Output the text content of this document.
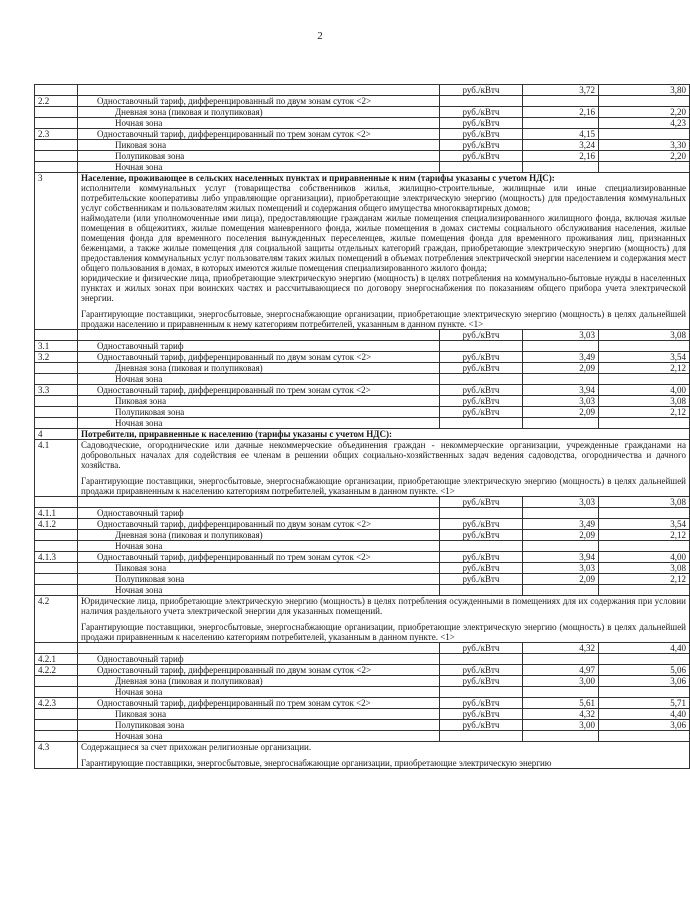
2
		руб./кВтч	3,72	3,80
2.2	Одноставочный тариф, дифференцированный по двум зонам суток <2>			
	Дневная зона (пиковая и полупиковая)	руб./кВтч	2,16	2,20
	Ночная зона	руб./кВтч		4,23
2.3	Одноставочный тариф, дифференцированный по трем зонам суток <2>	руб./кВтч	4,15	
	Пиковая зона	руб./кВтч	3,24	3,30
	Полупиковая зона	руб./кВтч	2,16	2,20
	Ночная зона			
3	Население, проживающее в сельских населенных пунктах и приравненные к ним (тарифы указаны с учетом НДС):
исполнители коммунальных услуг (товарищества собственников жилья, жилищно-строительные, жилищные или иные специализированные потребительские кооперативы либо управляющие организации), приобретающие электрическую энергию (мощность) для предоставления коммунальных услуг собственникам и пользователям жилых помещений и содержания общего имущества многоквартирных домов;
наймодатели (или уполномоченные ими лица), предоставляющие гражданам жилые помещения специализированного жилищного фонда, включая жилые помещения в общежитиях, жилые помещения маневренного фонда, жилые помещения в домах системы социального обслуживания населения, жилые помещения фонда для временного поселения вынужденных переселенцев, жилые помещения фонда для временного проживания лиц, признанных беженцами, а также жилые помещения для социальной защиты отдельных категорий граждан, приобретающие электрическую энергию (мощность) для предоставления коммунальных услуг пользователям таких жилых помещений в объемах потребления электрической энергии населением и содержания мест общего пользования в домах, в которых имеются жилые помещения специализированного жилого фонда;
юридические и физические лица, приобретающие электрическую энергию (мощность) в целях потребления на коммунально-бытовые нужды в населенных пунктах и жилых зонах при воинских частях и рассчитывающиеся по договору энергоснабжения по показаниям общего прибора учета электрической энергии.
Гарантирующие поставщики, энергосбытовые, энергоснабжающие организации, приобретающие электрическую энергию (мощность) в целях дальнейшей продажи населению и приравненным к нему категориям потребителей, указанным в данном пункте. <1>			

		руб./кВтч	3,03	3,08
3.1	Одноставочный тариф			
3.2	Одноставочный тариф, дифференцированный по двум зонам суток <2>	руб./кВтч	3,49	3,54
	Дневная зона (пиковая и полупиковая)	руб./кВтч	2,09	2,12
	Ночная зона			
3.3	Одноставочный тариф, дифференцированный по трем зонам суток <2>	руб./кВтч	3,94	4,00
	Пиковая зона	руб./кВтч	3,03	3,08
	Полупиковая зона	руб./кВтч	2,09	2,12
	Ночная зона			
4	Потребители, приравненные к населению (тарифы указаны с учетом НДС):			
4.1	Садоводческие, огороднические или дачные некоммерческие объединения граждан - некоммерческие организации, учрежденные гражданами на добровольных началах для содействия ее членам в решении общих социально-хозяйственных задач ведения садоводства, огородничества и дачного хозяйства.
Гарантирующие поставщики, энергосбытовые, энергоснабжающие организации, приобретающие электрическую энергию (мощность) в целях дальнейшей продажи приравненным к населению категориям потребителей, указанным в данном пункте. <1>			

		руб./кВтч	3,03	3,08
4.1.1	Одноставочный тариф			
4.1.2	Одноставочный тариф, дифференцированный по двум зонам суток <2>	руб./кВтч	3,49	3,54
	Дневная зона (пиковая и полупиковая)	руб./кВтч	2,09	2,12
	Ночная зона			
4.1.3	Одноставочный тариф, дифференцированный по трем зонам суток <2>	руб./кВтч	3,94	4,00
	Пиковая зона	руб./кВтч	3,03	3,08
	Полупиковая зона	руб./кВтч	2,09	2,12
	Ночная зона			
4.2	Юридические лица, приобретающие электрическую энергию (мощность) в целях потребления осужденными в помещениях для их содержания при условии наличия раздельного учета электрической энергии для указанных помещений.
Гарантирующие поставщики, энергосбытовые, энергоснабжающие организации, приобретающие электрическую энергию (мощность) в целях дальнейшей продажи приравненным к населению категориям потребителей, указанным в данном пункте. <1>			

		руб./кВтч	4,32	4,40
4.2.1	Одноставочный тариф			
4.2.2	Одноставочный тариф, дифференцированный по двум зонам суток <2>	руб./кВтч	4,97	5,06
	Дневная зона (пиковая и полупиковая)	руб./кВтч	3,00	3,06
	Ночная зона			
4.2.3	Одноставочный тариф, дифференцированный по трем зонам суток <2>	руб./кВтч	5,61	5,71
	Пиковая зона	руб./кВтч	4,32	4,40
	Полупиковая зона	руб./кВтч	3,00	3,06
	Ночная зона			
4.3	Содержащиеся за счет прихожан религиозные организации.
Гарантирующие поставщики, энергосбытовые, энергоснабжающие организации, приобретающие электрическую энергию			
